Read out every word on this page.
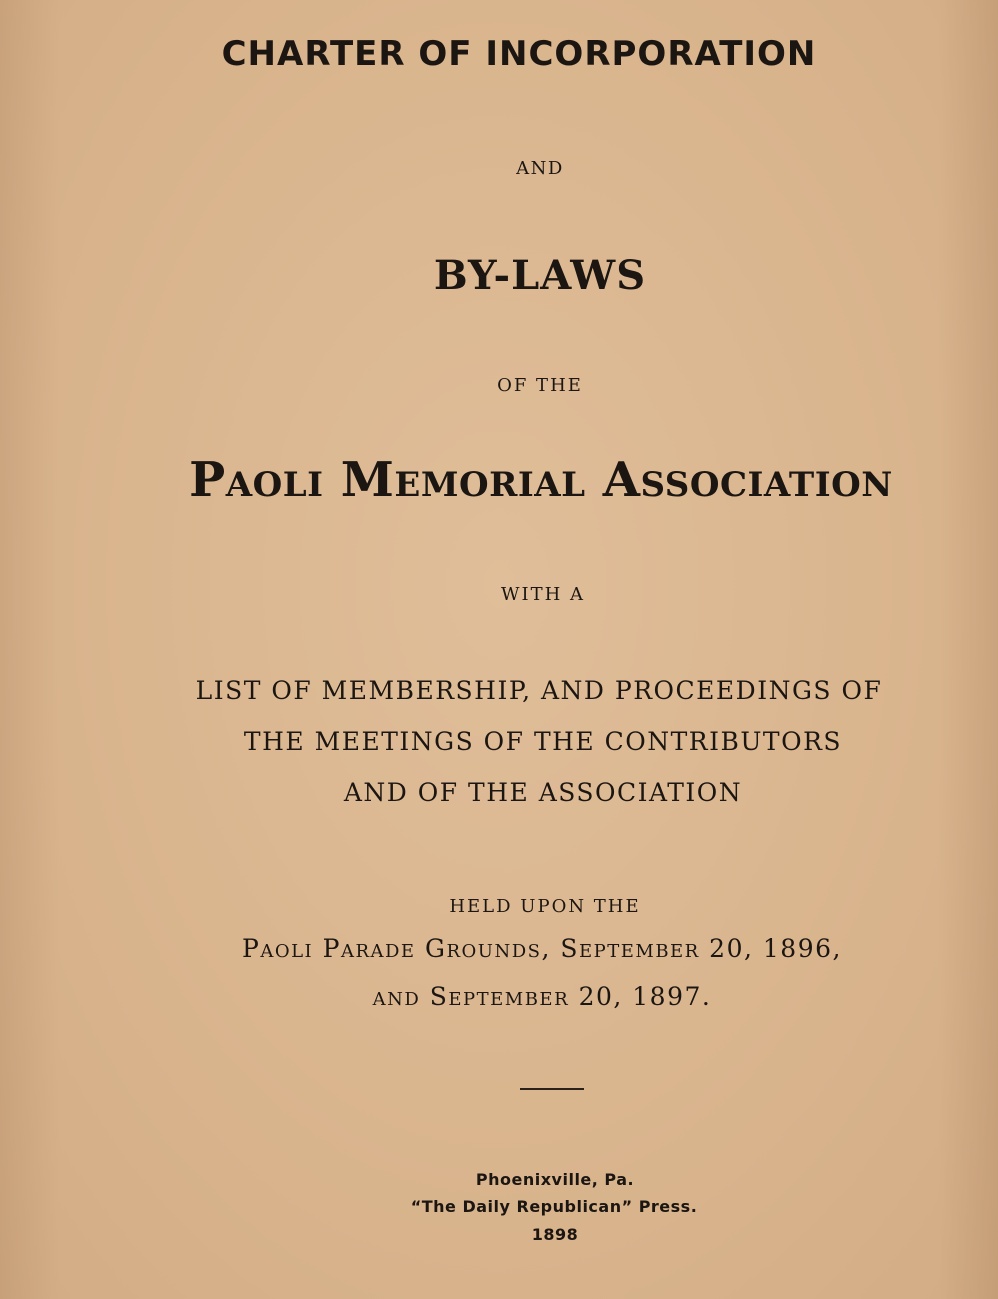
CHARTER OF INCORPORATION

AND

BY-LAWS

OF THE

Paoli Memorial Association

WITH A

LIST OF MEMBERSHIP, AND PROCEEDINGS OF

THE MEETINGS OF THE CONTRIBUTORS

AND OF THE ASSOCIATION

HELD UPON THE

Paoli Parade Grounds, September 20, 1896,

and September 20, 1897.

Phoenixville, Pa.

“The Daily Republican” Press.

1898
